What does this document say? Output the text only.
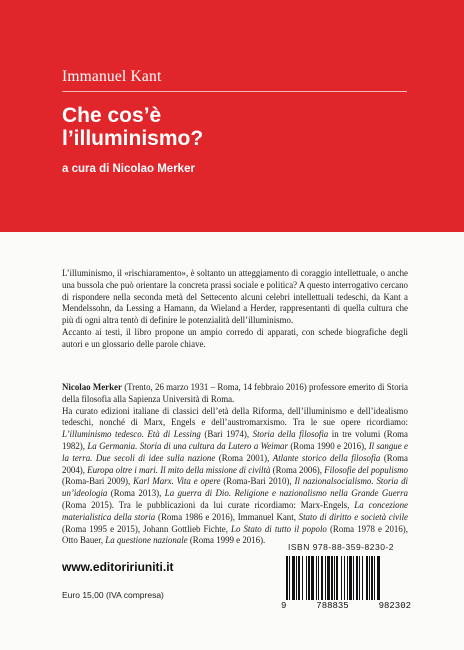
Immanuel Kant
Che cos’è
l’illuminismo?
a cura di Nicolao Merker

L’illuminismo, il «rischiaramento», è soltanto un atteggiamento di coraggio intellettuale, o anche una bussola che può orientare la concreta prassi sociale e politica? A questo interrogativo cercano di rispondere nella seconda metà del Settecento alcuni celebri intellettuali tedeschi, da Kant a Mendelssohn, da Lessing a Hamann, da Wieland a Herder, rappresentanti di quella cultura che più di ogni altra tentò di definire le potenzialità dell’illuminismo.

Accanto ai testi, il libro propone un ampio corredo di apparati, con schede biografiche degli autori e un glossario delle parole chiave.

Nicolao Merker (Trento, 26 marzo 1931 – Roma, 14 febbraio 2016) professore emerito di Storia della filosofia alla Sapienza Università di Roma.

Ha curato edizioni italiane di classici dell’età della Riforma, dell’illuminismo e dell’idealismo tedeschi, nonché di Marx, Engels e dell’austromarxismo. Tra le sue opere ricordiamo: L’illuminismo tedesco. Età di Lessing (Bari 1974), Storia della filosofia in tre volumi (Roma 1982), La Germania. Storia di una cultura da Lutero a Weimar (Roma 1990 e 2016), Il sangue e la terra. Due secoli di idee sulla nazione (Roma 2001), Atlante storico della filosofia (Roma 2004), Europa oltre i mari. Il mito della missione di civiltà (Roma 2006), Filosofie del populismo (Roma-Bari 2009), Karl Marx. Vita e opere (Roma-Bari 2010), Il nazionalsocialismo. Storia di un’ideologia (Roma 2013), La guerra di Dio. Religione e nazionalismo nella Grande Guerra (Roma 2015). Tra le pubblicazioni da lui curate ricordiamo: Marx-Engels, La concezione materialistica della storia (Roma 1986 e 2016), Immanuel Kant, Stato di diritto e società civile (Roma 1995 e 2015), Johann Gottlieb Fichte, Lo Stato di tutto il popolo (Roma 1978 e 2016), Otto Bauer, La questione nazionale (Roma 1999 e 2016).

www.editoririuniti.it
Euro 15,00 (IVA compresa)
ISBN 978-88-359-8230-2
9	788835	982302
